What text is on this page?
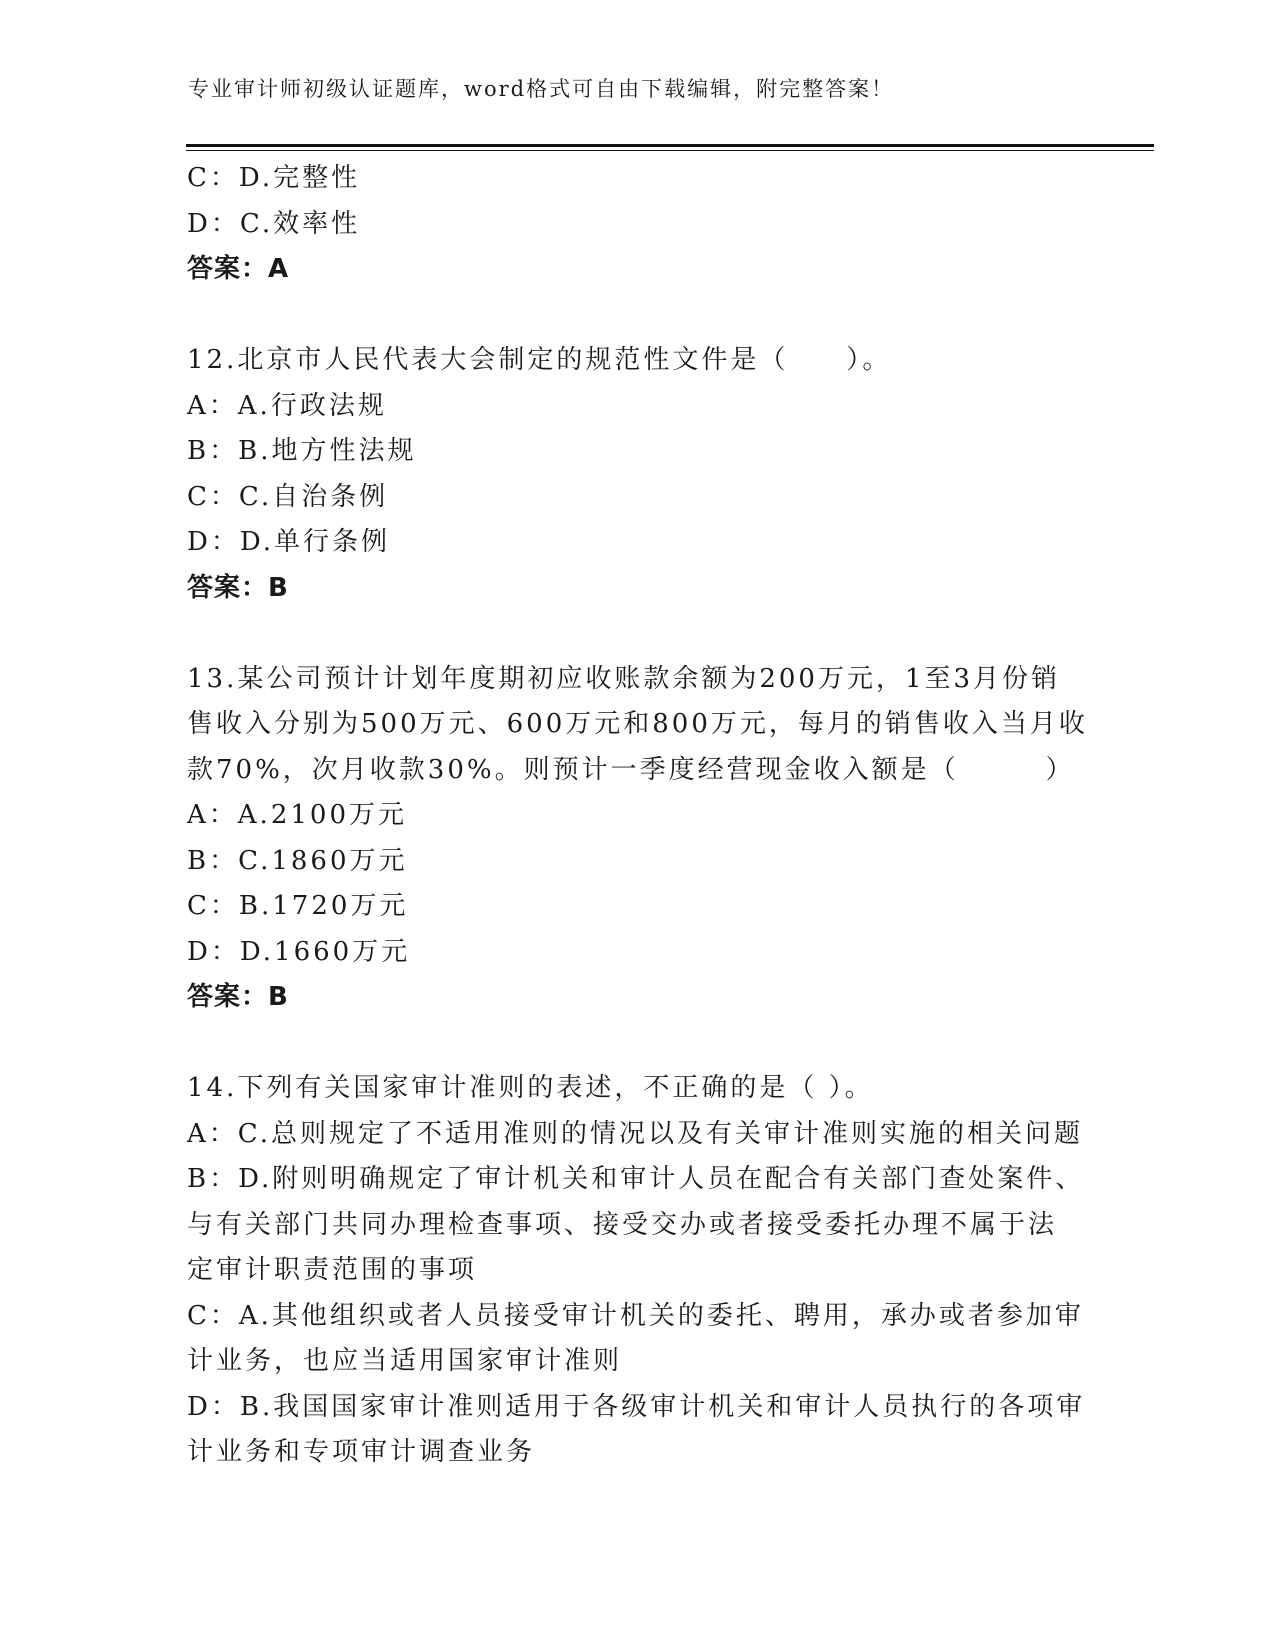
专业审计师初级认证题库，word格式可自由下载编辑，附完整答案！
C：D.完整性
D：C.效率性
答案：A
12.北京市人民代表大会制定的规范性文件是（　　）。
A：A.行政法规
B：B.地方性法规
C：C.自治条例
D：D.单行条例
答案：B
13.某公司预计计划年度期初应收账款余额为200万元，1至3月份销
售收入分别为500万元、600万元和800万元，每月的销售收入当月收
款70%，次月收款30%。则预计一季度经营现金收入额是（　　　）
A：A.2100万元
B：C.1860万元
C：B.1720万元
D：D.1660万元
答案：B
14.下列有关国家审计准则的表述，不正确的是（ ）。
A：C.总则规定了不适用准则的情况以及有关审计准则实施的相关问题
B：D.附则明确规定了审计机关和审计人员在配合有关部门查处案件、
与有关部门共同办理检查事项、接受交办或者接受委托办理不属于法
定审计职责范围的事项
C：A.其他组织或者人员接受审计机关的委托、聘用，承办或者参加审
计业务，也应当适用国家审计准则
D：B.我国国家审计准则适用于各级审计机关和审计人员执行的各项审
计业务和专项审计调查业务
